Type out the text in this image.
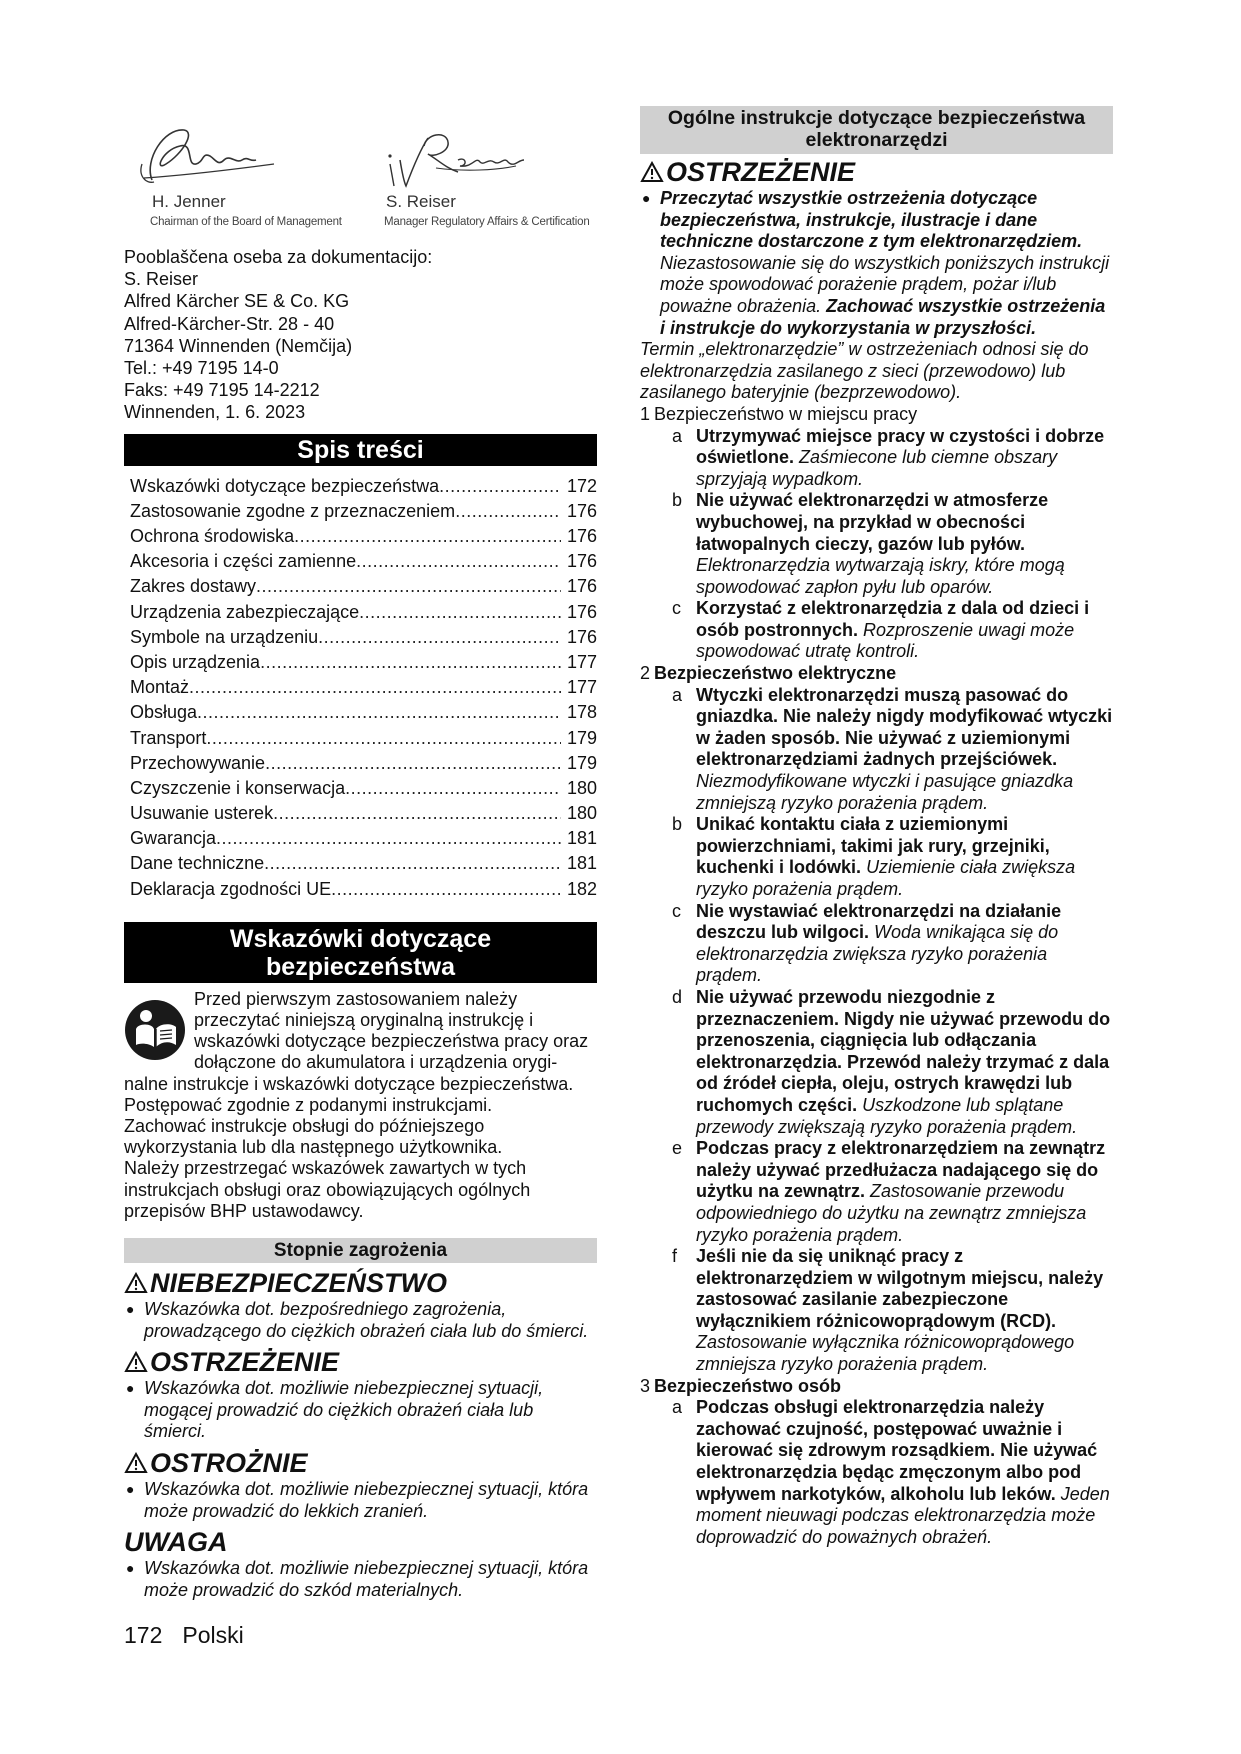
H. Jenner
Chairman of the Board of Management
S. Reiser
Manager Regulatory Affairs & Certification
Pooblaščena oseba za dokumentacijo:
S. Reiser
Alfred Kärcher SE & Co. KG
Alfred-Kärcher-Str. 28 - 40
71364 Winnenden (Nemčija)
Tel.: +49 7195 14-0
Faks: +49 7195 14-2212
Winnenden, 1. 6. 2023
Spis treści
Wskazówki dotyczące bezpieczeństwa .....	172
Zastosowanie zgodne z przeznaczeniem .....	176
Ochrona środowiska .....	176
Akcesoria i części zamienne .....	176
Zakres dostawy .....	176
Urządzenia zabezpieczające .....	176
Symbole na urządzeniu .....	176
Opis urządzenia .....	177
Montaż .....	177
Obsługa .....	178
Transport .....	179
Przechowywanie .....	179
Czyszczenie i konserwacja .....	180
Usuwanie usterek .....	180
Gwarancja .....	181
Dane techniczne .....	181
Deklaracja zgodności UE .....	182
Wskazówki dotyczące
bezpieczeństwa

Przed pierwszym zastosowaniem należy przeczytać niniejszą oryginalną instrukcję i wskazówki dotyczące bezpieczeństwa pracy oraz dołączone do akumulatora i urządzenia orygi-

nalne instrukcje i wskazówki dotyczące bezpieczeństwa.

Postępować zgodnie z podanymi instrukcjami.

Zachować instrukcje obsługi do późniejszego wykorzystania lub dla następnego użytkownika.

Należy przestrzegać wskazówek zawartych w tych instrukcjach obsługi oraz obowiązujących ogólnych przepisów BHP ustawodawcy.

Stopnie zagrożenia
NIEBEZPIECZEŃSTWO
● Wskazówka dot. bezpośredniego zagrożenia, prowadzącego do ciężkich obrażeń ciała lub do śmierci.

OSTRZEŻENIE
● Wskazówka dot. możliwie niebezpiecznej sytuacji, mogącej prowadzić do ciężkich obrażeń ciała lub śmierci.

OSTROŻNIE
● Wskazówka dot. możliwie niebezpiecznej sytuacji, która może prowadzić do lekkich zranień.

UWAGA
● Wskazówka dot. możliwie niebezpiecznej sytuacji, która może prowadzić do szkód materialnych.

172 Polski
Ogólne instrukcje dotyczące bezpieczeństwa
elektronarzędzi
OSTRZEŻENIE
● Przeczytać wszystkie ostrzeżenia dotyczące bezpieczeństwa, instrukcje, ilustracje i dane techniczne dostarczone z tym elektronarzędziem. Niezastosowanie się do wszystkich poniższych instrukcji może spowodować porażenie prądem, pożar i/lub poważne obrażenia. Zachować wszystkie ostrzeżenia i instrukcje do wykorzystania w przyszłości.

Termin „elektronarzędzie” w ostrzeżeniach odnosi się do elektronarzędzia zasilanego z sieci (przewodowo) lub zasilanego bateryjnie (bezprzewodowo).

1 Bezpieczeństwo w miejscu pracy
a Utrzymywać miejsce pracy w czystości i dobrze oświetlone. Zaśmiecone lub ciemne obszary sprzyjają wypadkom.
b Nie używać elektronarzędzi w atmosferze wybuchowej, na przykład w obecności łatwopalnych cieczy, gazów lub pyłów. Elektronarzędzia wytwarzają iskry, które mogą spowodować zapłon pyłu lub oparów.
c Korzystać z elektronarzędzia z dala od dzieci i osób postronnych. Rozproszenie uwagi może spowodować utratę kontroli.
2 Bezpieczeństwo elektryczne
a Wtyczki elektronarzędzi muszą pasować do gniazdka. Nie należy nigdy modyfikować wtyczki w żaden sposób. Nie używać z uziemionymi elektronarzędziami żadnych przejściówek. Niezmodyfikowane wtyczki i pasujące gniazdka zmniejszą ryzyko porażenia prądem.
b Unikać kontaktu ciała z uziemionymi powierzchniami, takimi jak rury, grzejniki, kuchenki i lodówki. Uziemienie ciała zwiększa ryzyko porażenia prądem.
c Nie wystawiać elektronarzędzi na działanie deszczu lub wilgoci. Woda wnikająca się do elektronarzędzia zwiększa ryzyko porażenia prądem.
d Nie używać przewodu niezgodnie z przeznaczeniem. Nigdy nie używać przewodu do przenoszenia, ciągnięcia lub odłączania elektronarzędzia. Przewód należy trzymać z dala od źródeł ciepła, oleju, ostrych krawędzi lub ruchomych części. Uszkodzone lub splątane przewody zwiększają ryzyko porażenia prądem.
e Podczas pracy z elektronarzędziem na zewnątrz należy używać przedłużacza nadającego się do użytku na zewnątrz. Zastosowanie przewodu odpowiedniego do użytku na zewnątrz zmniejsza ryzyko porażenia prądem.
f Jeśli nie da się uniknąć pracy z elektronarzędziem w wilgotnym miejscu, należy zastosować zasilanie zabezpieczone wyłącznikiem różnicowoprądowym (RCD). Zastosowanie wyłącznika różnicowoprądowego zmniejsza ryzyko porażenia prądem.
3 Bezpieczeństwo osób
a Podczas obsługi elektronarzędzia należy zachować czujność, postępować uważnie i kierować się zdrowym rozsądkiem. Nie używać elektronarzędzia będąc zmęczonym albo pod wpływem narkotyków, alkoholu lub leków. Jeden moment nieuwagi podczas elektronarzędzia może doprowadzić do poważnych obrażeń.
